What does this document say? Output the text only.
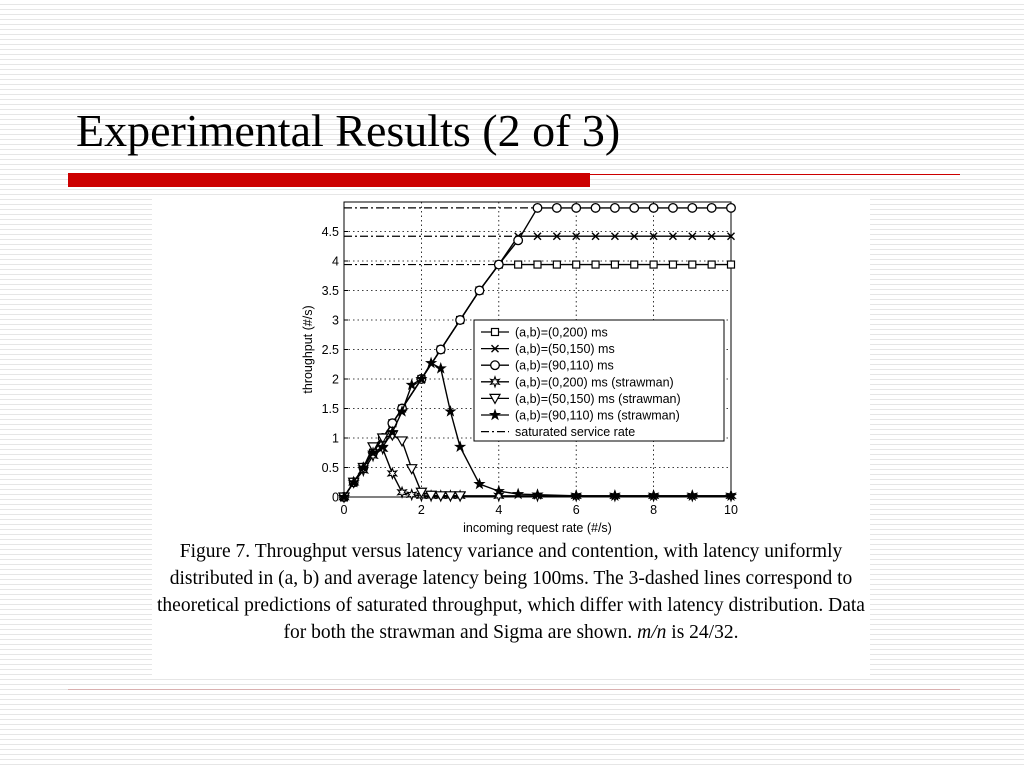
Experimental Results (2 of 3)
0	2	4	6	8	10
0
0.5
1
1.5
2
2.5
3
3.5
4
4.5
incoming request rate (#/s)
throughput (#/s)	(a,b)=(0,200) ms
(a,b)=(50,150) ms
(a,b)=(90,110) ms
(a,b)=(0,200) ms (strawman)
(a,b)=(50,150) ms (strawman)
(a,b)=(90,110) ms (strawman)
saturated service rate

Figure 7. Throughput versus latency variance and contention, with latency uniformly distributed in (a, b) and average latency being 100ms. The 3-dashed lines correspond to theoretical predictions of saturated throughput, which differ with latency distribution. Data for both the strawman and Sigma are shown. m/n is 24/32.
